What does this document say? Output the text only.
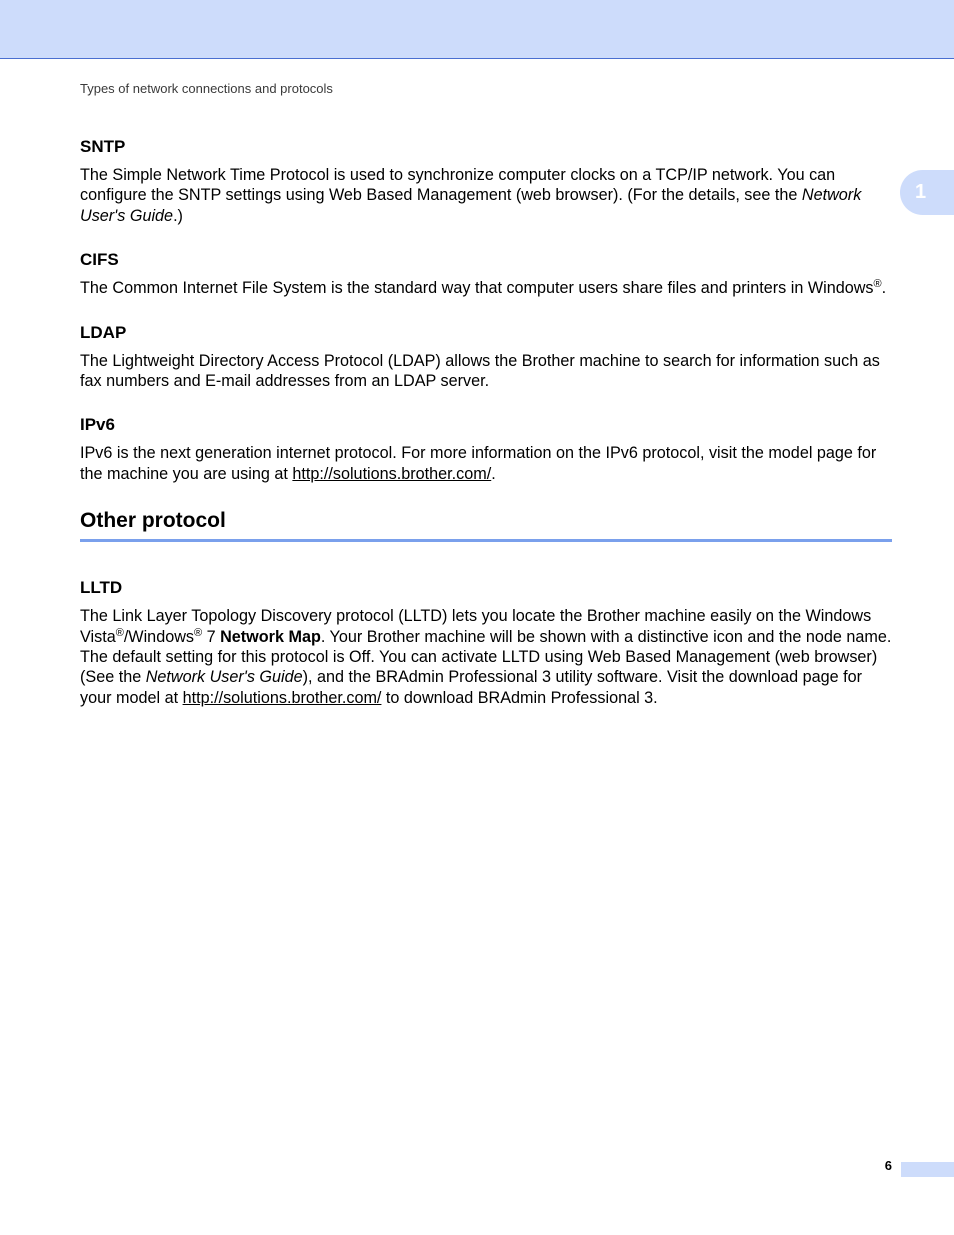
Types of network connections and protocols
1
SNTP

The Simple Network Time Protocol is used to synchronize computer clocks on a TCP/IP network. You can configure the SNTP settings using Web Based Management (web browser). (For the details, see the Network User's Guide.)

CIFS

The Common Internet File System is the standard way that computer users share files and printers in Windows®.

LDAP

The Lightweight Directory Access Protocol (LDAP) allows the Brother machine to search for information such as fax numbers and E-mail addresses from an LDAP server.

IPv6

IPv6 is the next generation internet protocol. For more information on the IPv6 protocol, visit the model page for the machine you are using at http://solutions.brother.com/.

Other protocol
LLTD

The Link Layer Topology Discovery protocol (LLTD) lets you locate the Brother machine easily on the Windows Vista®/Windows® 7 Network Map. Your Brother machine will be shown with a distinctive icon and the node name. The default setting for this protocol is Off. You can activate LLTD using Web Based Management (web browser) (See the Network User's Guide), and the BRAdmin Professional 3 utility software. Visit the download page for your model at http://solutions.brother.com/ to download BRAdmin Professional 3.

6
